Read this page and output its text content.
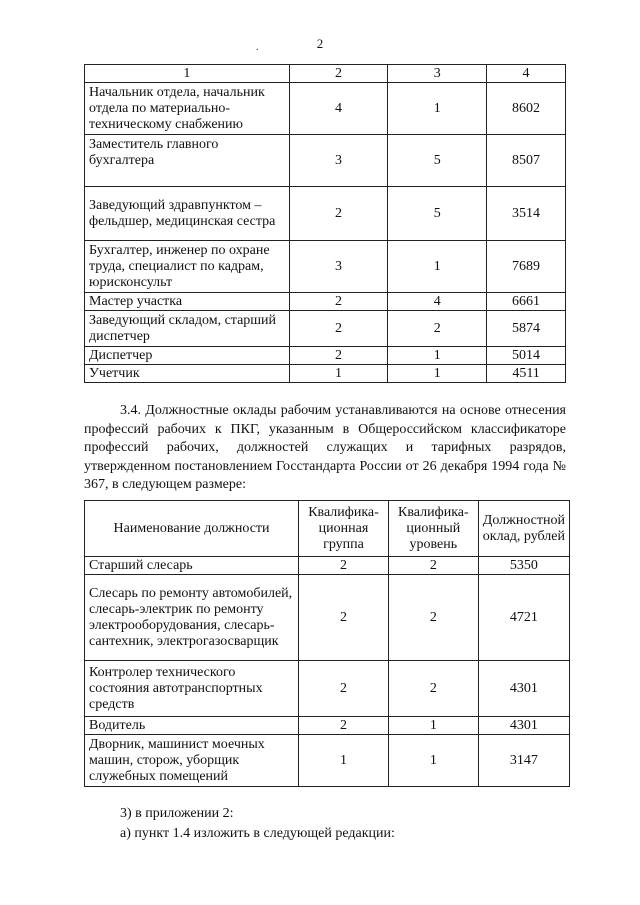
2
.
1	2	3	4
Начальник отдела, начальник отдела по материально-техническому снабжению	4	1	8602
Заместитель главного бухгалтера	3	5	8507
Заведующий здравпунктом – фельдшер, медицинская сестра	2	5	3514
Бухгалтер, инженер по охране труда, специалист по кадрам, юрисконсульт	3	1	7689
Мастер участка	2	4	6661
Заведующий складом, старший диспетчер	2	2	5874
Диспетчер	2	1	5014
Учетчик	1	1	4511
3.4. Должностные оклады рабочим устанавливаются на основе отнесения профессий рабочих к ПКГ, указанным в Общероссийском классификаторе профессий рабочих, должностей служащих и тарифных разрядов, утвержденном постановлением Госстандарта России от 26 декабря 1994 года № 367, в следующем размере:
Наименование должности	Квалифика-ционная группа	Квалифика-ционный уровень	Должностной оклад, рублей
Старший слесарь	2	2	5350
Слесарь по ремонту автомобилей, слесарь-электрик по ремонту электрооборудования, слесарь-сантехник, электрогазосварщик	2	2	4721
Контролер технического состояния автотранспортных средств	2	2	4301
Водитель	2	1	4301
Дворник, машинист моечных машин, сторож, уборщик служебных помещений	1	1	3147
3) в приложении 2:
а) пункт 1.4 изложить в следующей редакции:
